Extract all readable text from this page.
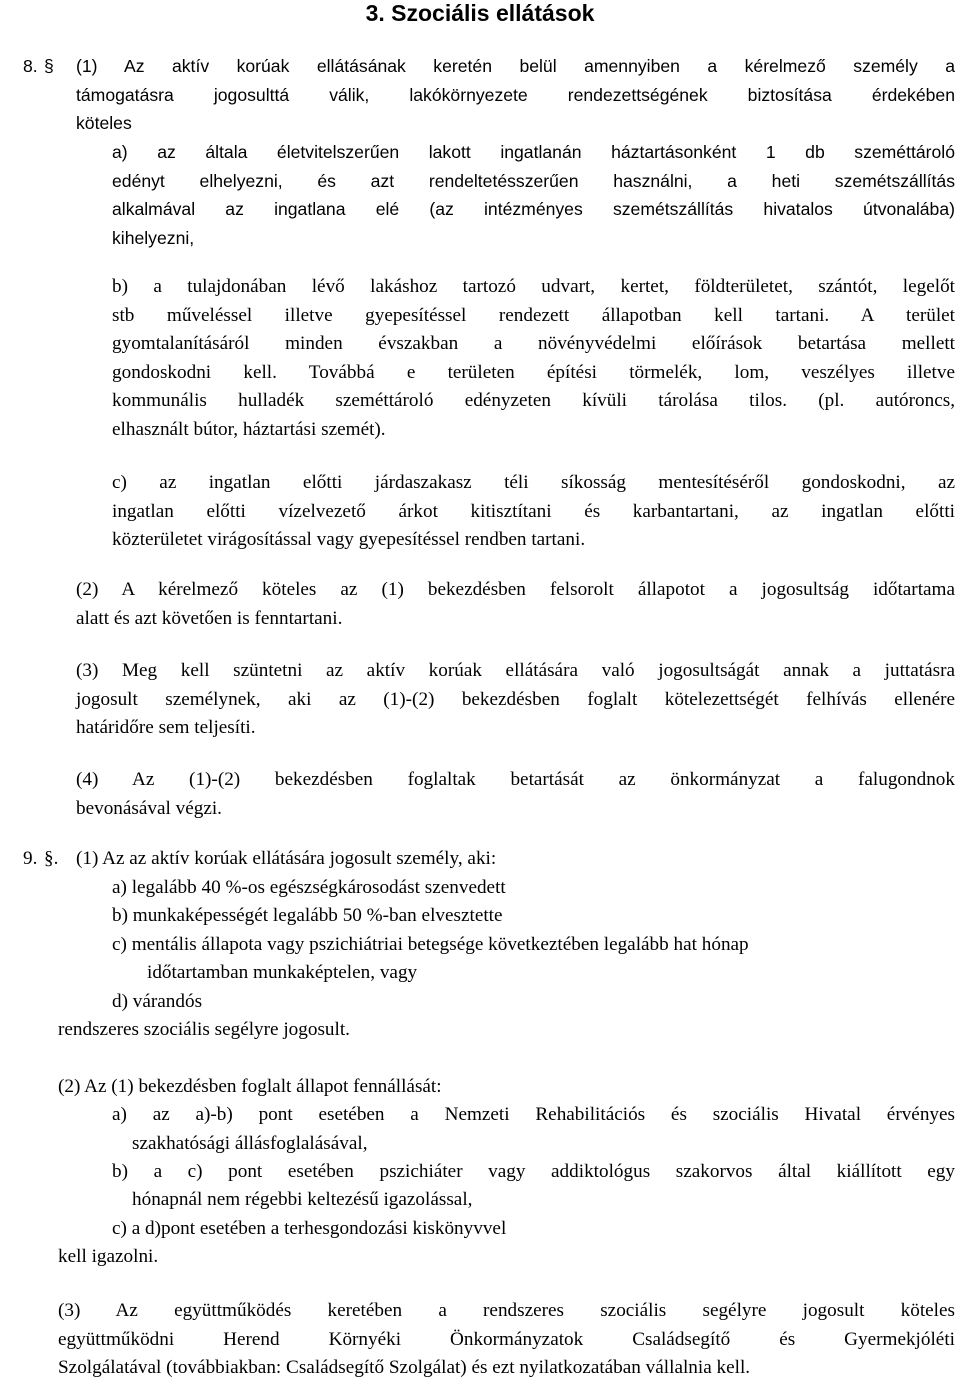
3. Szociális ellátások
8. § (1) Az aktív korúak ellátásának keretén belül amennyiben a kérelmező személy a
támogatásra jogosulttá válik, lakókörnyezete rendezettségének biztosítása érdekében
köteles
a) az általa életvitelszerűen lakott ingatlanán háztartásonként 1 db szeméttároló
edényt elhelyezni, és azt rendeltetésszerűen használni, a heti szemétszállítás
alkalmával az ingatlana elé (az intézményes szemétszállítás hivatalos útvonalába)
kihelyezni,
b) a tulajdonában lévő lakáshoz tartozó udvart, kertet, földterületet, szántót, legelőt
stb műveléssel illetve gyepesítéssel rendezett állapotban kell tartani. A terület
gyomtalanításáról minden évszakban a növényvédelmi előírások betartása mellett
gondoskodni kell. Továbbá e területen építési törmelék, lom, veszélyes illetve
kommunális hulladék szeméttároló edényzeten kívüli tárolása tilos. (pl. autóroncs,
elhasznált bútor, háztartási szemét).
c) az ingatlan előtti járdaszakasz téli síkosság mentesítéséről gondoskodni, az
ingatlan előtti vízelvezető árkot kitisztítani és karbantartani, az ingatlan előtti
közterületet virágosítással vagy gyepesítéssel rendben tartani.
(2) A kérelmező köteles az (1) bekezdésben felsorolt állapotot a jogosultság időtartama
alatt és azt követően is fenntartani.
(3) Meg kell szüntetni az aktív korúak ellátására való jogosultságát annak a juttatásra
jogosult személynek, aki az (1)-(2) bekezdésben foglalt kötelezettségét felhívás ellenére
határidőre sem teljesíti.
(4) Az (1)-(2) bekezdésben foglaltak betartását az önkormányzat a falugondnok
bevonásával végzi.
9. §. (1) Az az aktív korúak ellátására jogosult személy, aki:
a) legalább 40 %-os egészségkárosodást szenvedett
b) munkaképességét legalább 50 %-ban elvesztette
c) mentális állapota vagy pszichiátriai betegsége következtében legalább hat hónap
időtartamban munkaképtelen, vagy
d) várandós
rendszeres szociális segélyre jogosult.
(2) Az (1) bekezdésben foglalt állapot fennállását:
a) az a)-b) pont esetében a Nemzeti Rehabilitációs és szociális Hivatal érvényes
szakhatósági állásfoglalásával,
b) a c) pont esetében pszichiáter vagy addiktológus szakorvos által kiállított egy
hónapnál nem régebbi keltezésű igazolással,
c) a d)pont esetében a terhesgondozási kiskönyvvel
kell igazolni.
(3) Az együttműködés keretében a rendszeres szociális segélyre jogosult köteles
együttműködni Herend Környéki Önkormányzatok Családsegítő és Gyermekjóléti
Szolgálatával (továbbiakban: Családsegítő Szolgálat) és ezt nyilatkozatában vállalnia kell.
